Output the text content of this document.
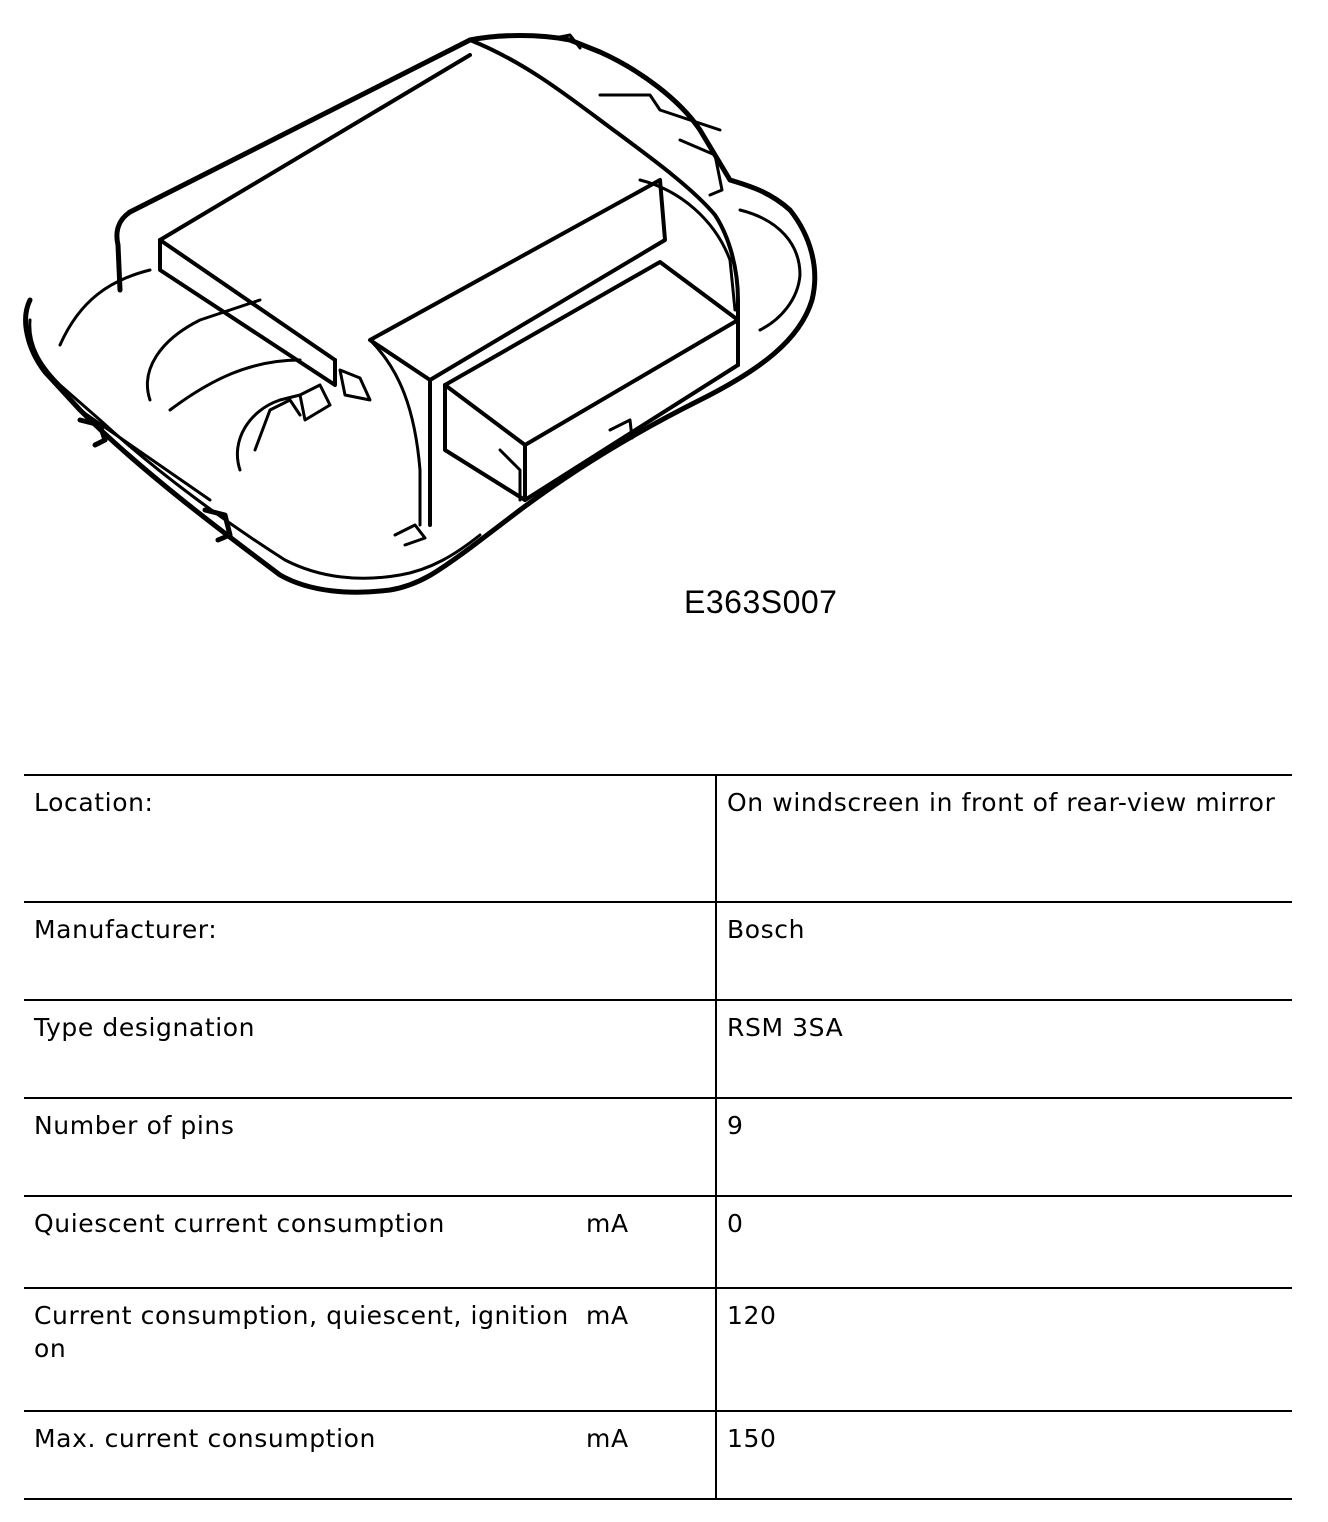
E363S007
Location:		On windscreen in front of rear-view mirror
Manufacturer:		Bosch
Type designation		RSM 3SA
Number of pins		9
Quiescent current consumption	mA	0
Current consumption, quiescent, ignition on	mA	120
Max. current consumption	mA	150
